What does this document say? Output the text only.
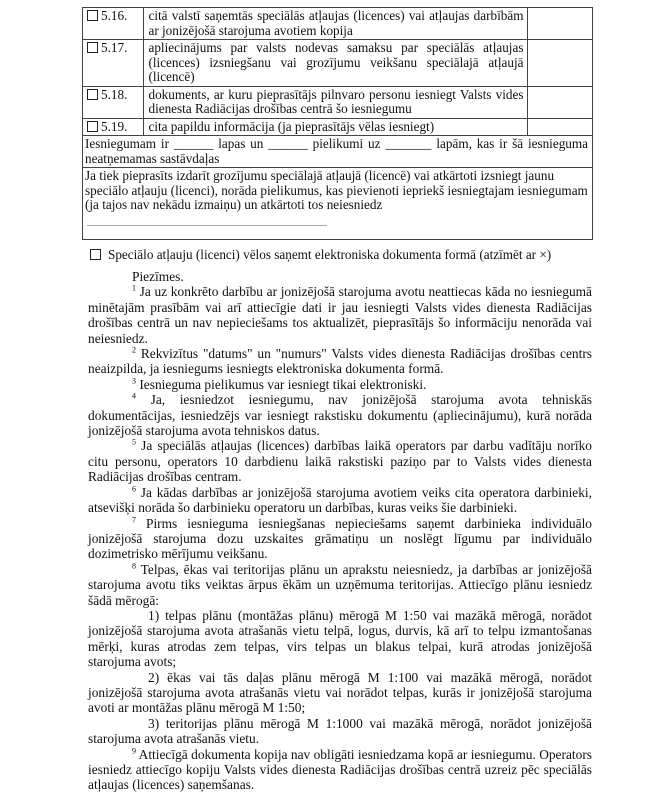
5.16.	citā valstī saņemtās speciālās atļaujas (licences) vai atļaujas darbībām ar jonizējošā starojuma avotiem kopija	
5.17.	apliecinājums par valsts nodevas samaksu par speciālās atļaujas (licences) izsniegšanu vai grozījumu veikšanu speciālajā atļaujā (licencē)	
5.18.	dokuments, ar kuru pieprasītājs pilnvaro personu iesniegt Valsts vides dienesta Radiācijas drošības centrā šo iesniegumu	
5.19.	cita papildu informācija (ja pieprasītājs vēlas iesniegt)	
Iesniegumam ir ______ lapas un ______ pielikumi uz _______ lapām, kas ir šā iesnieguma neatņemamas sastāvdaļas		

Ja tiek pieprasīts izdarīt grozījumu speciālajā atļaujā (licencē) vai atkārtoti izsniegt jaunu speciālo atļauju (licenci), norāda pielikumus, kas pievienoti iepriekš iesniegtajam iesniegumam (ja tajos nav nekādu izmaiņu) un atkārtoti tos neiesniedz		
Speciālo atļauju (licenci) vēlos saņemt elektroniska dokumenta formā (atzīmēt ar ×)

Piezīmes.

$^1$ Ja uz konkrēto darbību ar jonizējošā starojuma avotu neattiecas kāda no iesniegumā minētajām prasībām vai arī attiecīgie dati ir jau iesniegti Valsts vides dienesta Radiācijas drošības centrā un nav nepieciešams tos aktualizēt, pieprasītājs šo informāciju nenorāda vai neiesniedz.

$^2$ Rekvizītus "datums" un "numurs" Valsts vides dienesta Radiācijas drošības centrs neaizpilda, ja iesniegums iesniegts elektroniska dokumenta formā.

$^3$ Iesnieguma pielikumus var iesniegt tikai elektroniski.

$^4$ Ja, iesniedzot iesniegumu, nav jonizējošā starojuma avota tehniskās dokumentācijas, iesniedzējs var iesniegt rakstisku dokumentu (apliecinājumu), kurā norāda jonizējošā starojuma avota tehniskos datus.

$^5$ Ja speciālās atļaujas (licences) darbības laikā operators par darbu vadītāju norīko citu personu, operators 10 darbdienu laikā rakstiski paziņo par to Valsts vides dienesta Radiācijas drošības centram.

$^6$ Ja kādas darbības ar jonizējošā starojuma avotiem veiks cita operatora darbinieki, atsevišķi norāda šo darbinieku operatoru un darbības, kuras veiks šie darbinieki.

$^7$ Pirms iesnieguma iesniegšanas nepieciešams saņemt darbinieka individuālo jonizējošā starojuma dozu uzskaites grāmatiņu un noslēgt līgumu par individuālo dozimetrisko mērījumu veikšanu.

$^8$ Telpas, ēkas vai teritorijas plānu un aprakstu neiesniedz, ja darbības ar jonizējošā starojuma avotu tiks veiktas ārpus ēkām un uzņēmuma teritorijas. Attiecīgo plānu iesniedz šādā mērogā:

1) telpas plānu (montāžas plānu) mērogā M 1:50 vai mazākā mērogā, norādot jonizējošā starojuma avota atrašanās vietu telpā, logus, durvis, kā arī to telpu izmantošanas mērķi, kuras atrodas zem telpas, virs telpas un blakus telpai, kurā atrodas jonizējošā starojuma avots;

2) ēkas vai tās daļas plānu mērogā M 1:100 vai mazākā mērogā, norādot jonizējošā starojuma avota atrašanās vietu vai norādot telpas, kurās ir jonizējošā starojuma avoti ar montāžas plānu mērogā M 1:50;

3) teritorijas plānu mērogā M 1:1000 vai mazākā mērogā, norādot jonizējošā starojuma avota atrašanās vietu.

$^9$ Attiecīgā dokumenta kopija nav obligāti iesniedzama kopā ar iesniegumu. Operators iesniedz attiecīgo kopiju Valsts vides dienesta Radiācijas drošības centrā uzreiz pēc speciālās atļaujas (licences) saņemšanas.
